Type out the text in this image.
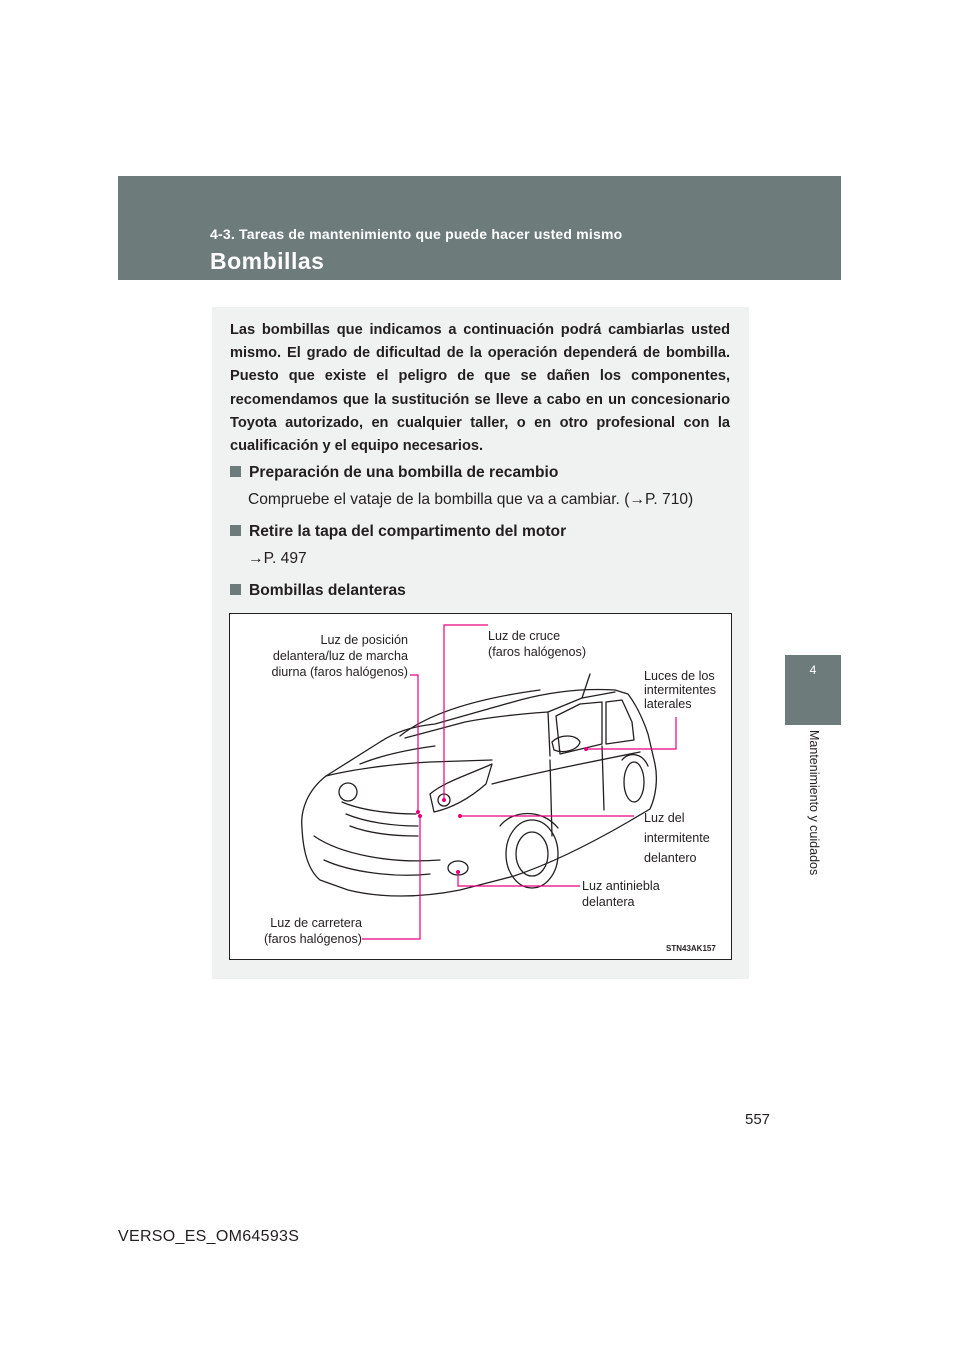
4-3. Tareas de mantenimiento que puede hacer usted mismo
Bombillas
4
Mantenimiento y cuidados

Las bombillas que indicamos a continuación podrá cambiarlas usted mismo. El grado de dificultad de la operación dependerá de bombilla. Puesto que existe el peligro de que se dañen los componentes, recomendamos que la sustitución se lleve a cabo en un concesionario Toyota autorizado, en cualquier taller, o en otro profesional con la cualificación y el equipo necesarios.

Preparación de una bombilla de recambio
Compruebe el vataje de la bombilla que va a cambiar. (→P. 710)
Retire la tapa del compartimento del motor
→P. 497
Bombillas delanteras
Luz de posición
delantera/luz de marcha
diurna (faros halógenos)
Luz de cruce
(faros halógenos)
Luces de los
intermitentes
laterales
Luz del
intermitente
delantero
Luz antiniebla
delantera
Luz de carretera
(faros halógenos)
STN43AK157
557
VERSO_ES_OM64593S
